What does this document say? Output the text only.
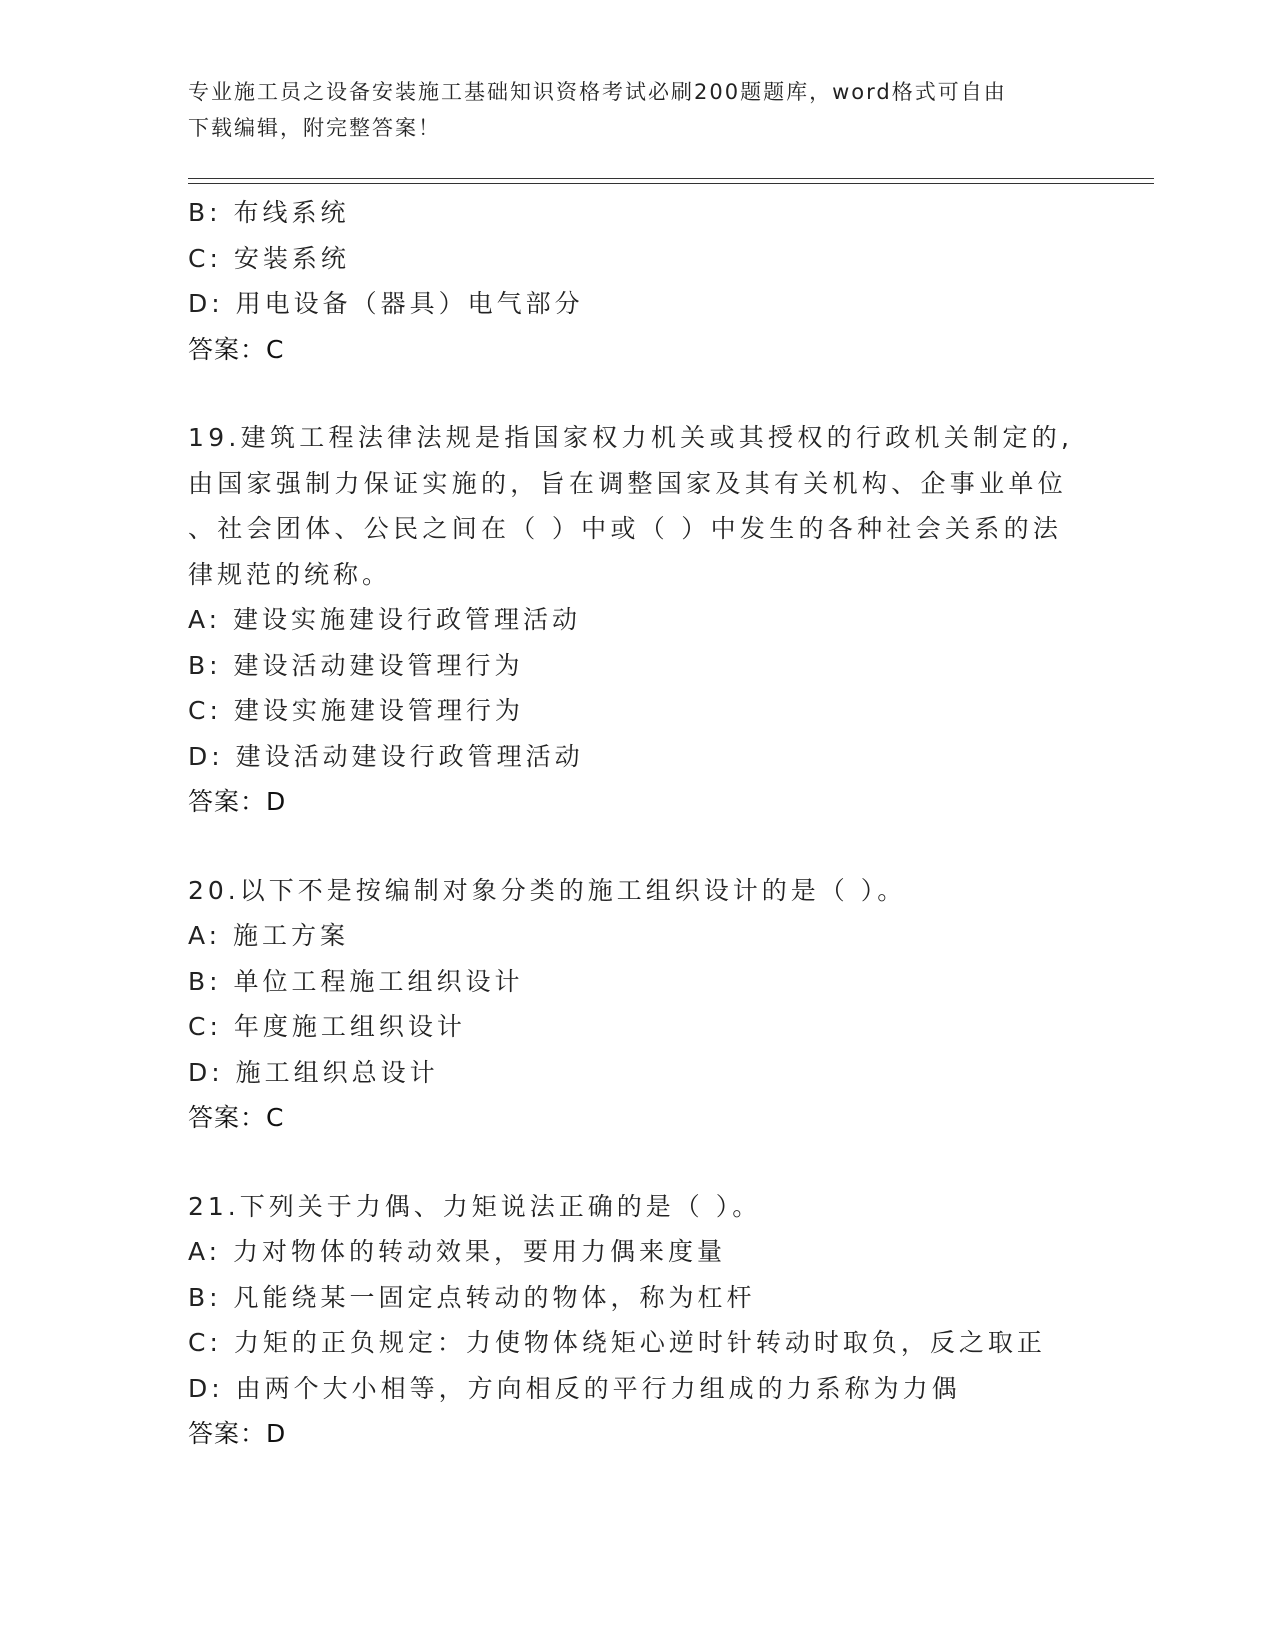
专业施工员之设备安装施工基础知识资格考试必刷200题题库，word格式可自由
下载编辑，附完整答案！
B: 布线系统
C: 安装系统
D: 用电设备（器具）电气部分
答案：C
19.建筑工程法律法规是指国家权力机关或其授权的行政机关制定的,
由国家强制力保证实施的，旨在调整国家及其有关机构、企事业单位
、社会团体、公民之间在（ ）中或（ ）中发生的各种社会关系的法
律规范的统称。
A: 建设实施建设行政管理活动
B: 建设活动建设管理行为
C: 建设实施建设管理行为
D: 建设活动建设行政管理活动
答案：D
20.以下不是按编制对象分类的施工组织设计的是（ ）。
A: 施工方案
B: 单位工程施工组织设计
C: 年度施工组织设计
D: 施工组织总设计
答案：C
21.下列关于力偶、力矩说法正确的是（ ）。
A: 力对物体的转动效果，要用力偶来度量
B: 凡能绕某一固定点转动的物体，称为杠杆
C: 力矩的正负规定：力使物体绕矩心逆时针转动时取负，反之取正
D: 由两个大小相等，方向相反的平行力组成的力系称为力偶
答案：D
